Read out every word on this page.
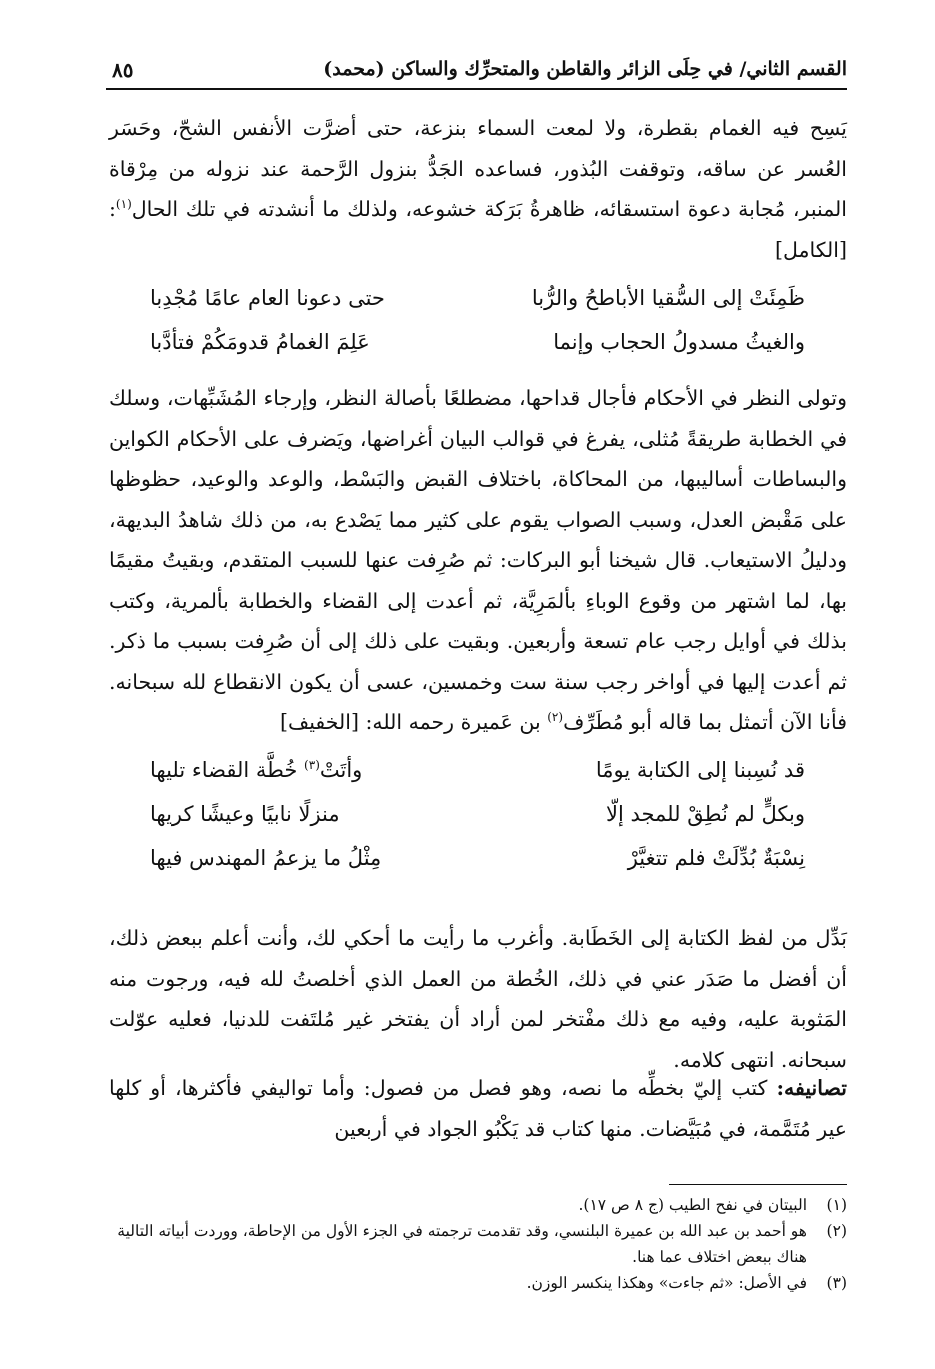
القسم الثاني/ في حِلَى الزائر والقاطن والمتحرِّك والساكن (محمد)
٨٥
يَسِح فيه الغمام بقطرة، ولا لمعت السماء بنزعة، حتى أضرَّت الأنفس الشحّ، وحَسَر العُسر عن ساقه، وتوقفت البُذور، فساعده الجَدُّ بنزول الرَّحمة عند نزوله من مِرْقاة المنبر، مُجابة دعوة استسقائه، ظاهرةُ بَرَكة خشوعه، ولذلك ما أنشدته في تلك الحال$^{(١)}$: [الكامل]
ظَمِئَتْ إلى السُّقيا الأباطحُ والرُّبا
حتى دعونا العام عامًا مُجْدِبا
والغيثُ مسدولُ الحجاب وإنما
عَلِمَ الغمامُ قدومَكُمْ فتأدَّبا
وتولى النظر في الأحكام فأجال قداحها، مضطلعًا بأصالة النظر، وإرجاء المُشَبِّهات، وسلك في الخطابة طريقةً مُثلى، يفرغ في قوالب البيان أغراضها، ويَضرف على الأحكام الكواين والبساطات أساليبها، من المحاكاة، باختلاف القبض والبَسْط، والوعد والوعيد، حظوظها على مَقْبض العدل، وسبب الصواب يقوم على كثير مما يَصْدع به، من ذلك شاهدُ البديهة، ودليلُ الاستيعاب. قال شيخنا أبو البركات: ثم صُرِفت عنها للسبب المتقدم، وبقيتُ مقيمًا بها، لما اشتهر من وقوع الوباءِ بألمَرِيَّة، ثم أعدت إلى القضاء والخطابة بألمرية، وكتب بذلك في أوايل رجب عام تسعة وأربعين. وبقيت على ذلك إلى أن صُرِفت بسبب ما ذكر. ثم أعدت إليها في أواخر رجب سنة ست وخمسين، عسى أن يكون الانقطاع لله سبحانه. فأنا الآن أتمثل بما قاله أبو مُطَرِّف$^{(٢)}$ بن عَميرة رحمه الله: [الخفيف]
قد نُسِبنا إلى الكتابة يومًا
وأتَتْ$^{(٣)}$ خُطَّة القضاء تليها
وبكلٍّ لم نُطِقْ للمجد إلّا
منزلًا نابيًا وعيشًا كريها
نِسْبَةٌ بُدِّلَتْ فلم تتغيَّرْ
مِثْلُ ما يزعمُ المهندس فيها
بَدِّل من لفظ الكتابة إلى الخَطَابة. وأغرب ما رأيت ما أحكي لك، وأنت أعلم ببعض ذلك، أن أفضل ما صَدَر عني في ذلك، الخُطة من العمل الذي أخلصتُ لله فيه، ورجوت منه المَثوبة عليه، وفيه مع ذلك مفْتخر لمن أراد أن يفتخر غير مُلتَفت للدنيا، فعليه عوّلت سبحانه. انتهى كلامه.
تصانيفه: كتب إليّ بخطِّه ما نصه، وهو فصل من فصول: وأما تواليفي فأكثرها، أو كلها عير مُتَمَّمة، في مُبَيَّضات. منها كتاب قد يَكْبُو الجواد في أربعين
(١)
البيتان في نفح الطيب (ج ٨ ص ١٧).
(٢)
هو أحمد بن عبد الله بن عميرة البلنسي، وقد تقدمت ترجمته في الجزء الأول من الإحاطة، ووردت أبياته التالية هناك ببعض اختلاف عما هنا.
(٣)
في الأصل: «ثم جاءت» وهكذا ينكسر الوزن.
